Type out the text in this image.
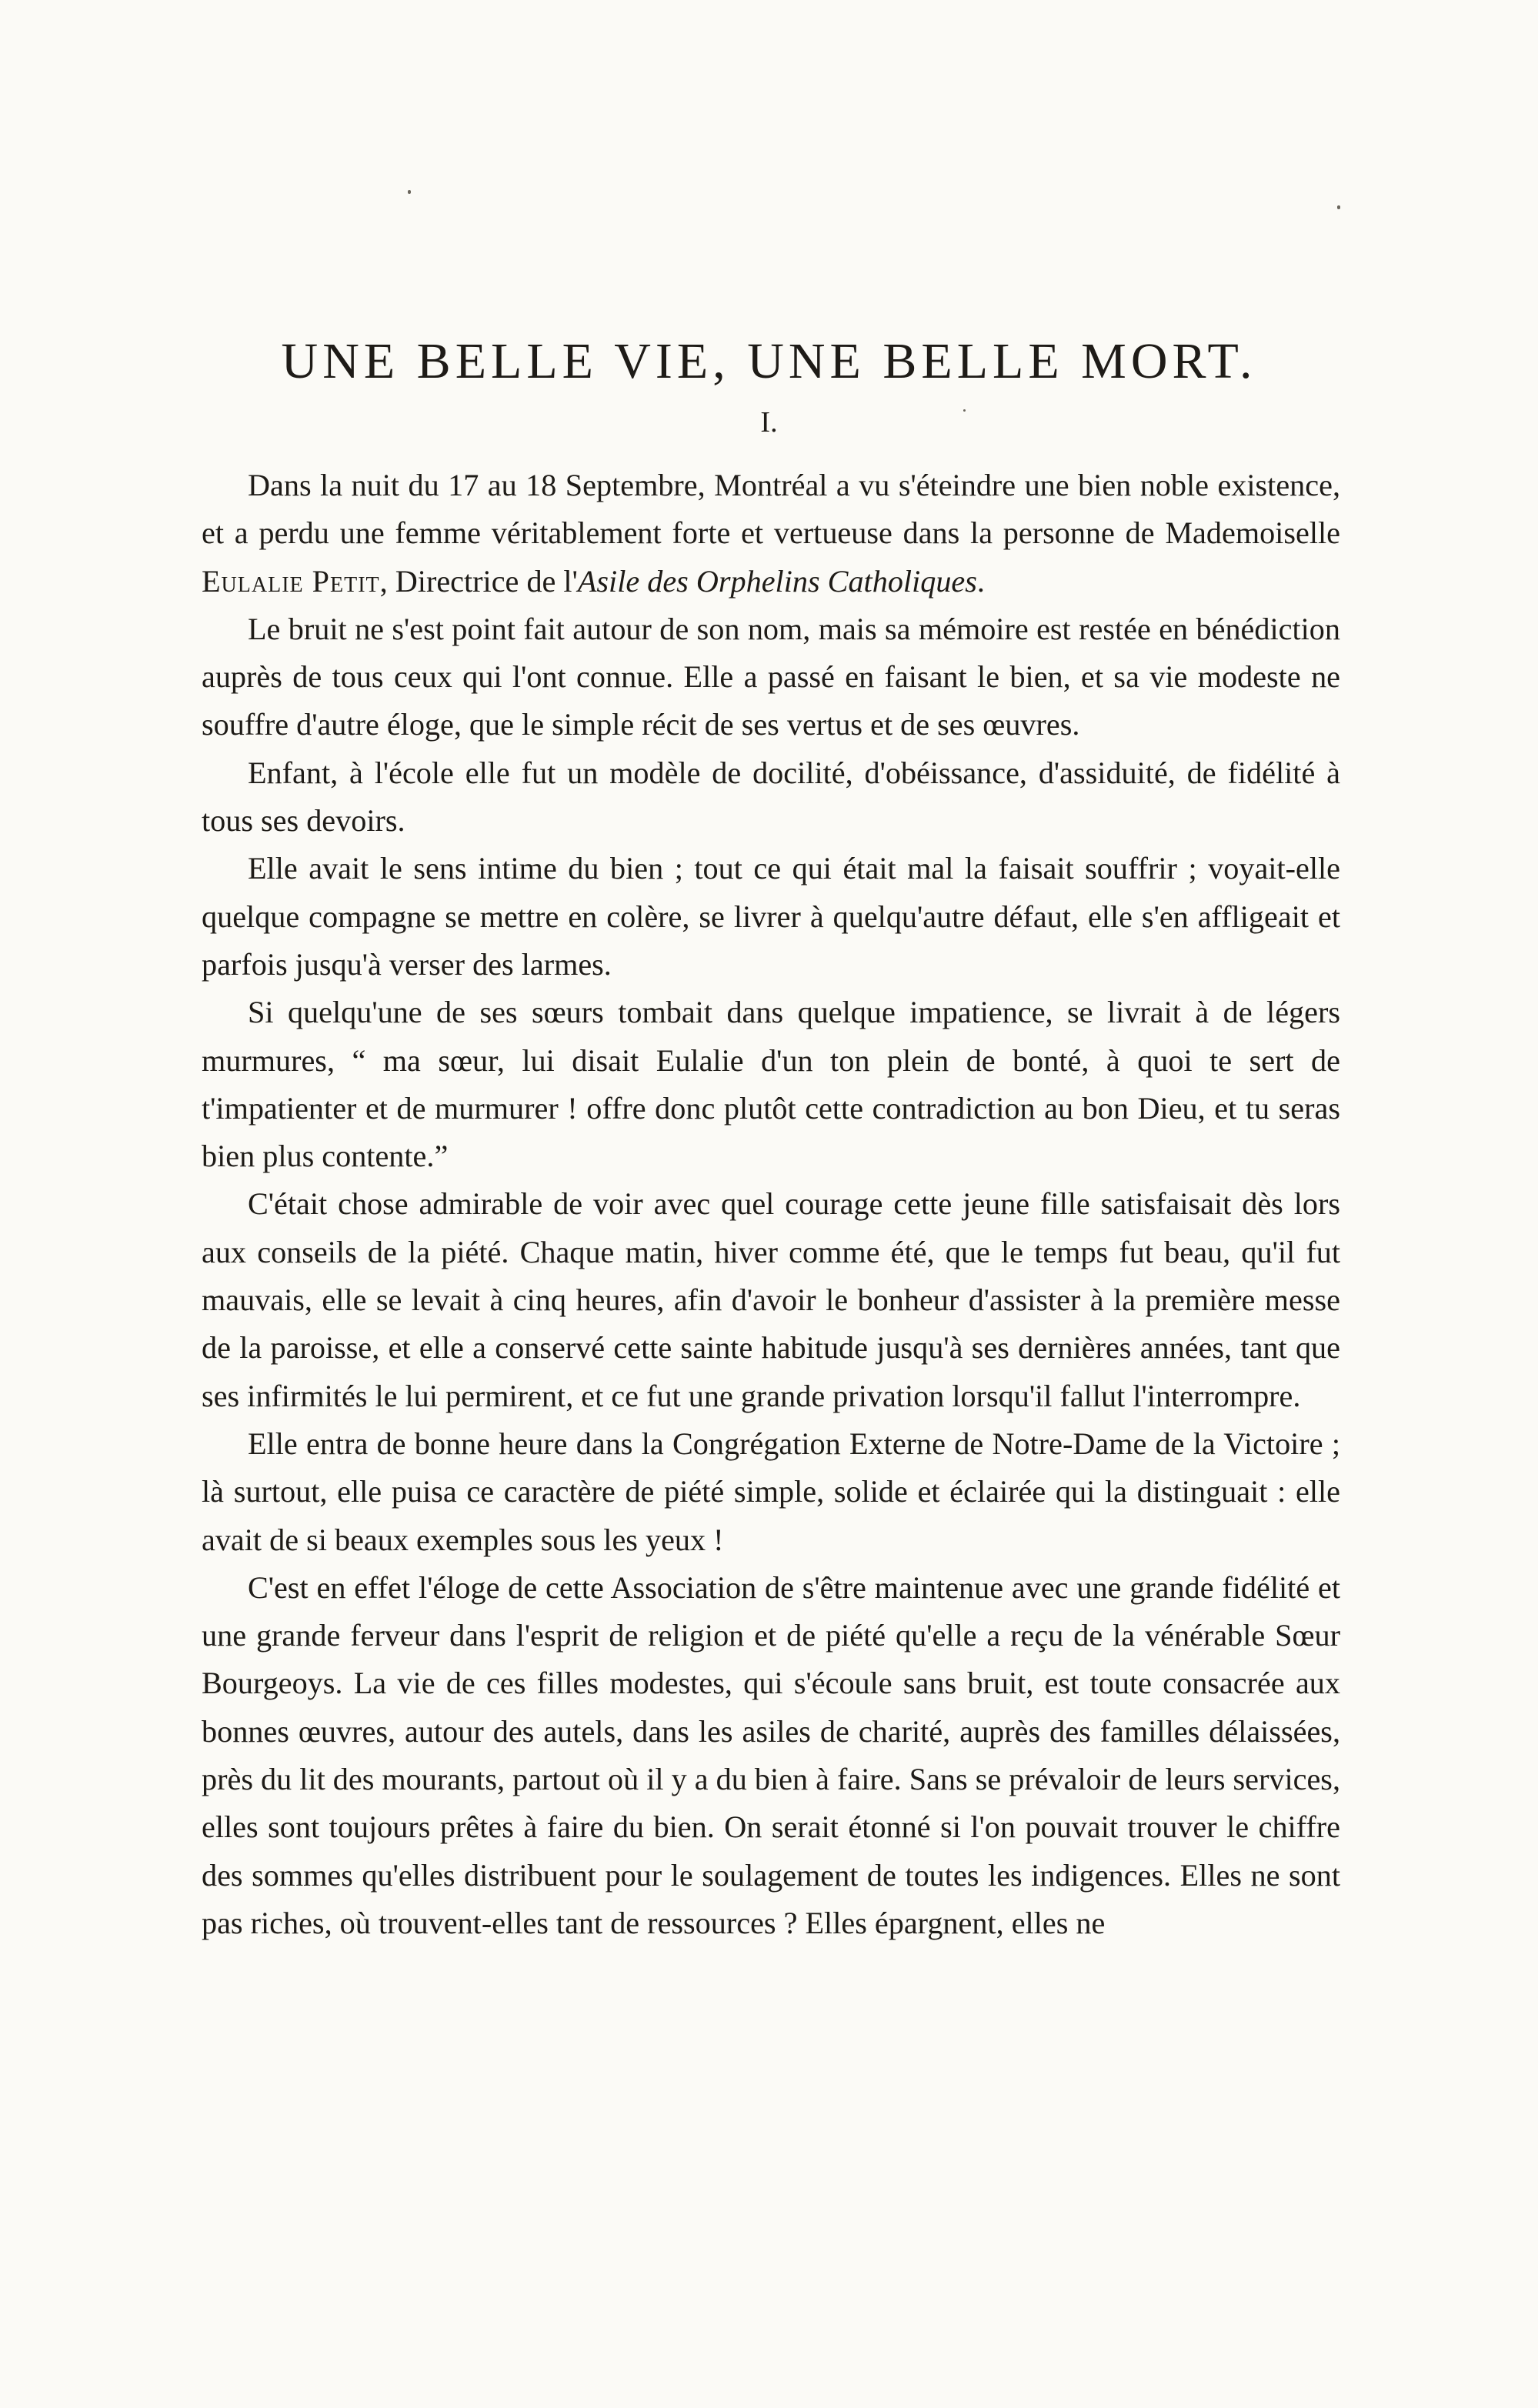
UNE BELLE VIE, UNE BELLE MORT.
I.

Dans la nuit du 17 au 18 Septembre, Montréal a vu s'éteindre une bien noble existence, et a perdu une femme véritablement forte et vertueuse dans la personne de Mademoiselle Eulalie Petit, Directrice de l'Asile des Orphelins Catholiques.

Le bruit ne s'est point fait autour de son nom, mais sa mémoire est restée en bénédiction auprès de tous ceux qui l'ont connue. Elle a passé en faisant le bien, et sa vie modeste ne souffre d'autre éloge, que le simple récit de ses vertus et de ses œuvres.

Enfant, à l'école elle fut un modèle de docilité, d'obéissance, d'assiduité, de fidélité à tous ses devoirs.

Elle avait le sens intime du bien ; tout ce qui était mal la faisait souffrir ; voyait-elle quelque compagne se mettre en colère, se livrer à quelqu'autre défaut, elle s'en affligeait et parfois jusqu'à verser des larmes.

Si quelqu'une de ses sœurs tombait dans quelque impatience, se livrait à de légers murmures, “ ma sœur, lui disait Eulalie d'un ton plein de bonté, à quoi te sert de t'impatienter et de murmurer ! offre donc plutôt cette contradiction au bon Dieu, et tu seras bien plus contente.”

C'était chose admirable de voir avec quel courage cette jeune fille satisfaisait dès lors aux conseils de la piété. Chaque matin, hiver comme été, que le temps fut beau, qu'il fut mauvais, elle se levait à cinq heures, afin d'avoir le bonheur d'assister à la première messe de la paroisse, et elle a conservé cette sainte habitude jusqu'à ses dernières années, tant que ses infirmités le lui permirent, et ce fut une grande privation lorsqu'il fallut l'interrompre.

Elle entra de bonne heure dans la Congrégation Externe de Notre-Dame de la Victoire ; là surtout, elle puisa ce caractère de piété simple, solide et éclairée qui la distinguait : elle avait de si beaux exemples sous les yeux !

C'est en effet l'éloge de cette Association de s'être maintenue avec une grande fidélité et une grande ferveur dans l'esprit de religion et de piété qu'elle a reçu de la vénérable Sœur Bourgeoys. La vie de ces filles modestes, qui s'écoule sans bruit, est toute consacrée aux bonnes œuvres, autour des autels, dans les asiles de charité, auprès des familles délaissées, près du lit des mourants, partout où il y a du bien à faire. Sans se prévaloir de leurs services, elles sont toujours prêtes à faire du bien. On serait étonné si l'on pouvait trouver le chiffre des sommes qu'elles distribuent pour le soulagement de toutes les indigences. Elles ne sont pas riches, où trouvent-elles tant de ressources ? Elles épargnent, elles ne
